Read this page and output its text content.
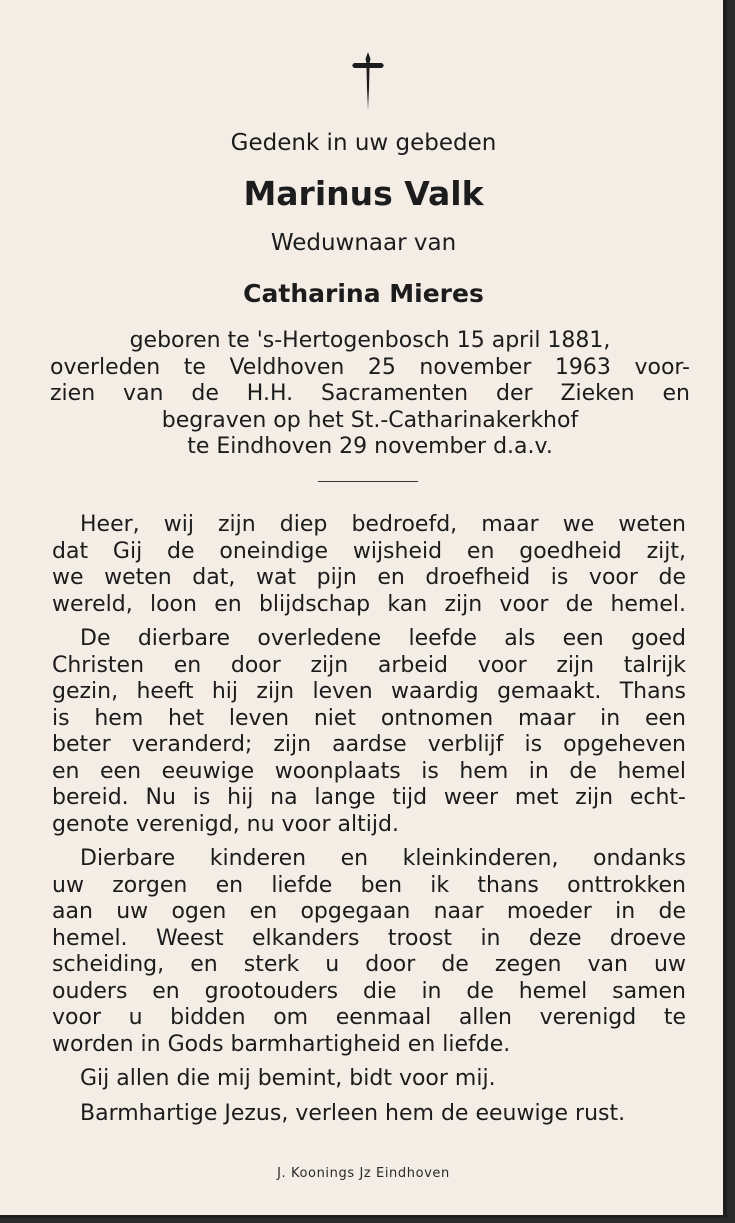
Gedenk in uw gebeden
Marinus Valk
Weduwnaar van
Catharina Mieres
geboren te 's-Hertogenbosch 15 april 1881,
overleden te Veldhoven 25 november 1963 voor-
zien van de H.H. Sacramenten der Zieken en
begraven op het St.-Catharinakerkhof
te Eindhoven 29 november d.a.v.
Heer, wij zijn diep bedroefd, maar we weten
dat Gij de oneindige wijsheid en goedheid zijt,
we weten dat, wat pijn en droefheid is voor de
wereld, loon en blijdschap kan zijn voor de hemel.
De dierbare overledene leefde als een goed
Christen en door zijn arbeid voor zijn talrijk
gezin, heeft hij zijn leven waardig gemaakt. Thans
is hem het leven niet ontnomen maar in een
beter veranderd; zijn aardse verblijf is opgeheven
en een eeuwige woonplaats is hem in de hemel
bereid. Nu is hij na lange tijd weer met zijn echt-
genote verenigd, nu voor altijd.
Dierbare kinderen en kleinkinderen, ondanks
uw zorgen en liefde ben ik thans onttrokken
aan uw ogen en opgegaan naar moeder in de
hemel. Weest elkanders troost in deze droeve
scheiding, en sterk u door de zegen van uw
ouders en grootouders die in de hemel samen
voor u bidden om eenmaal allen verenigd te
worden in Gods barmhartigheid en liefde.
Gij allen die mij bemint, bidt voor mij.
Barmhartige Jezus, verleen hem de eeuwige rust.
J. Koonings Jz Eindhoven
